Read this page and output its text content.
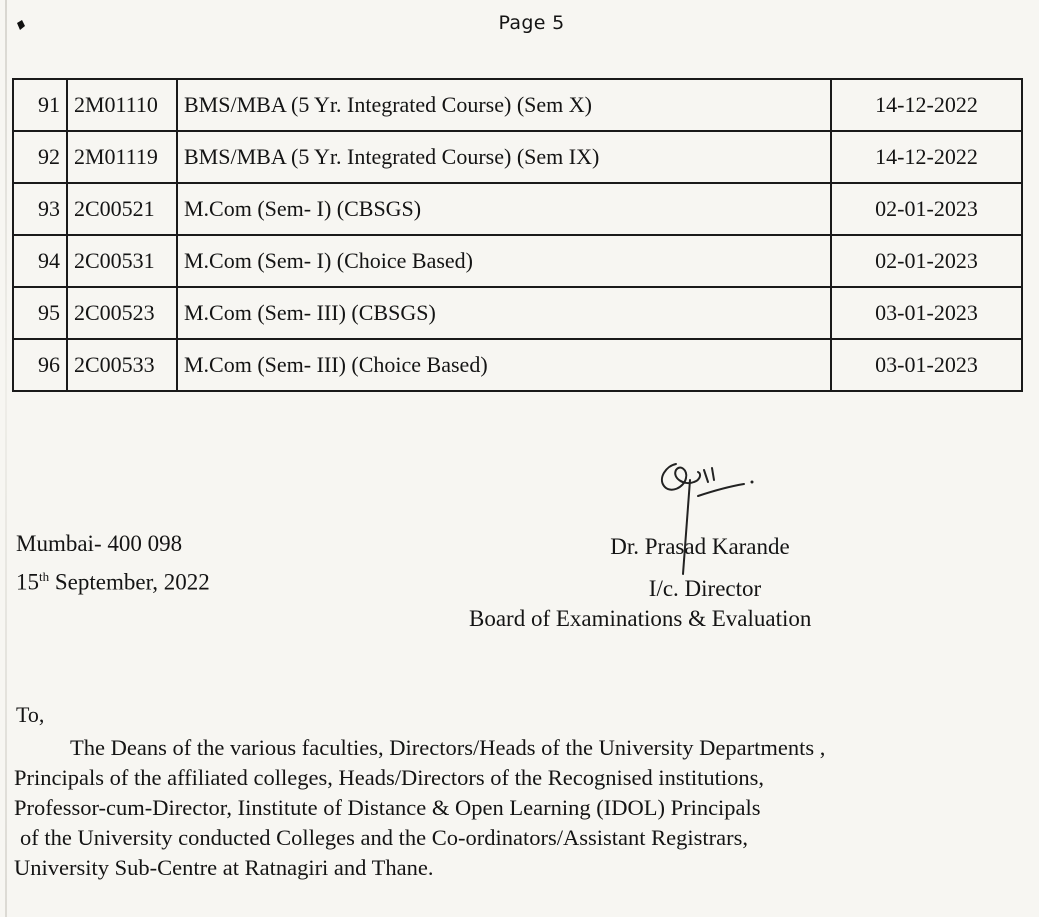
Page 5
91	2M01110	BMS/MBA (5 Yr. Integrated Course) (Sem X)	14-12-2022
92	2M01119	BMS/MBA (5 Yr. Integrated Course) (Sem IX)	14-12-2022
93	2C00521	M.Com (Sem- I) (CBSGS)	02-01-2023
94	2C00531	M.Com (Sem- I) (Choice Based)	02-01-2023
95	2C00523	M.Com (Sem- III) (CBSGS)	03-01-2023
96	2C00533	M.Com (Sem- III) (Choice Based)	03-01-2023
Mumbai- 400 098
15th September, 2022
Dr. Prasad Karande
I/c. Director
Board of Examinations & Evaluation
To,
The Deans of the various faculties, Directors/Heads of the University Departments ,
Principals of the affiliated colleges, Heads/Directors of the Recognised institutions,
Professor-cum-Director, Iinstitute of Distance & Open Learning (IDOL) Principals
of the University conducted Colleges and the Co-ordinators/Assistant Registrars,
University Sub-Centre at Ratnagiri and Thane.
